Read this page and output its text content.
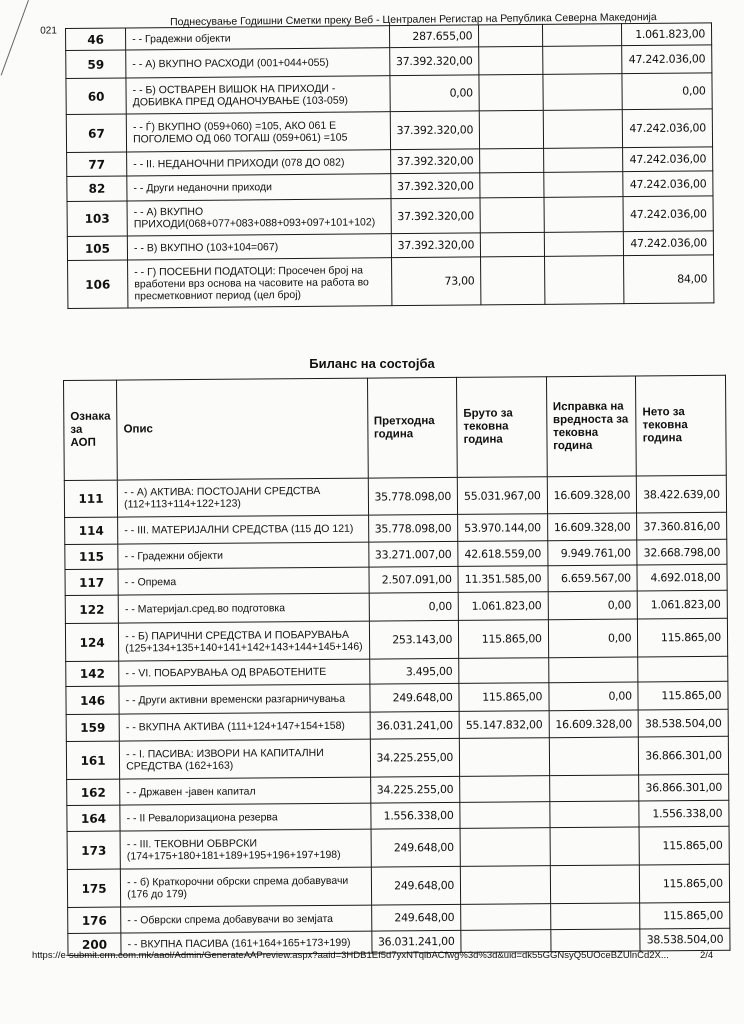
021
Поднесување Годишни Сметки преку Веб - Централен Регистар на Република Северна Македонија
46	- - Градежни објекти	287.655,00			1.061.823,00
59	- - А) ВКУПНО РАСХОДИ (001+044+055)	37.392.320,00			47.242.036,00
60	- - Б) ОСТВАРЕН ВИШОК НА ПРИХОДИ - ДОБИВКА ПРЕД ОДАНОЧУВАЊЕ (103-059)	0,00			0,00
67	- - Ѓ) ВКУПНО (059+060) =105, АКО 061 Е ПОГОЛЕМО ОД 060 ТОГАШ (059+061) =105	37.392.320,00			47.242.036,00
77	- - II. НЕДАНОЧНИ ПРИХОДИ (078 ДО 082)	37.392.320,00			47.242.036,00
82	- - Други неданочни приходи	37.392.320,00			47.242.036,00
103	- - А) ВКУПНО ПРИХОДИ(068+077+083+088+093+097+101+102)	37.392.320,00			47.242.036,00
105	- - В) ВКУПНО (103+104=067)	37.392.320,00			47.242.036,00
106	- - Г) ПОСЕБНИ ПОДАТОЦИ: Просечен број на вработени врз основа на часовите на работа во пресметковниот период (цел број)	73,00			84,00
Биланс на состојба
Ознака за АОП	Опис	Претходна година	Бруто за тековна година	Исправка на вредноста за тековна година	Нето за тековна година
111	- - А) АКТИВА: ПОСТОЈАНИ СРЕДСТВА (112+113+114+122+123)	35.778.098,00	55.031.967,00	16.609.328,00	38.422.639,00
114	- - III. МАТЕРИЈАЛНИ СРЕДСТВА (115 ДО 121)	35.778.098,00	53.970.144,00	16.609.328,00	37.360.816,00
115	- - Градежни објекти	33.271.007,00	42.618.559,00	9.949.761,00	32.668.798,00
117	- - Опрема	2.507.091,00	11.351.585,00	6.659.567,00	4.692.018,00
122	- - Материјал.сред.во подготовка	0,00	1.061.823,00	0,00	1.061.823,00
124	- - Б) ПАРИЧНИ СРЕДСТВА И ПОБАРУВАЊА (125+134+135+140+141+142+143+144+145+146)	253.143,00	115.865,00	0,00	115.865,00
142	- - VI. ПОБАРУВАЊА ОД ВРАБОТЕНИТЕ	3.495,00			
146	- - Други активни временски разгарничувања	249.648,00	115.865,00	0,00	115.865,00
159	- - ВКУПНА АКТИВА (111+124+147+154+158)	36.031.241,00	55.147.832,00	16.609.328,00	38.538.504,00
161	- - I. ПАСИВА: ИЗВОРИ НА КАПИТАЛНИ СРЕДСТВА (162+163)	34.225.255,00			36.866.301,00
162	- - Државен -јавен капитал	34.225.255,00			36.866.301,00
164	- - II Ревалоризациона резерва	1.556.338,00			1.556.338,00
173	- - III. ТЕКОВНИ ОБВРСКИ (174+175+180+181+189+195+196+197+198)	249.648,00			115.865,00
175	- - б) Краткорочни обрски спрема добавувачи (176 до 179)	249.648,00			115.865,00
176	- - Обврски спрема добавувачи во земјата	249.648,00			115.865,00
200	- - ВКУПНА ПАСИВА (161+164+165+173+199)	36.031.241,00			38.538.504,00
https://e-submit.crm.com.mk/aaol/Admin/GenerateAAPreview.aspx?aaid=3HDB1Ef5d7yxNTqibACfwg%3d%3d&uid=dk55GGNsyQ5UOceBZUlnCd2X...	2/4
